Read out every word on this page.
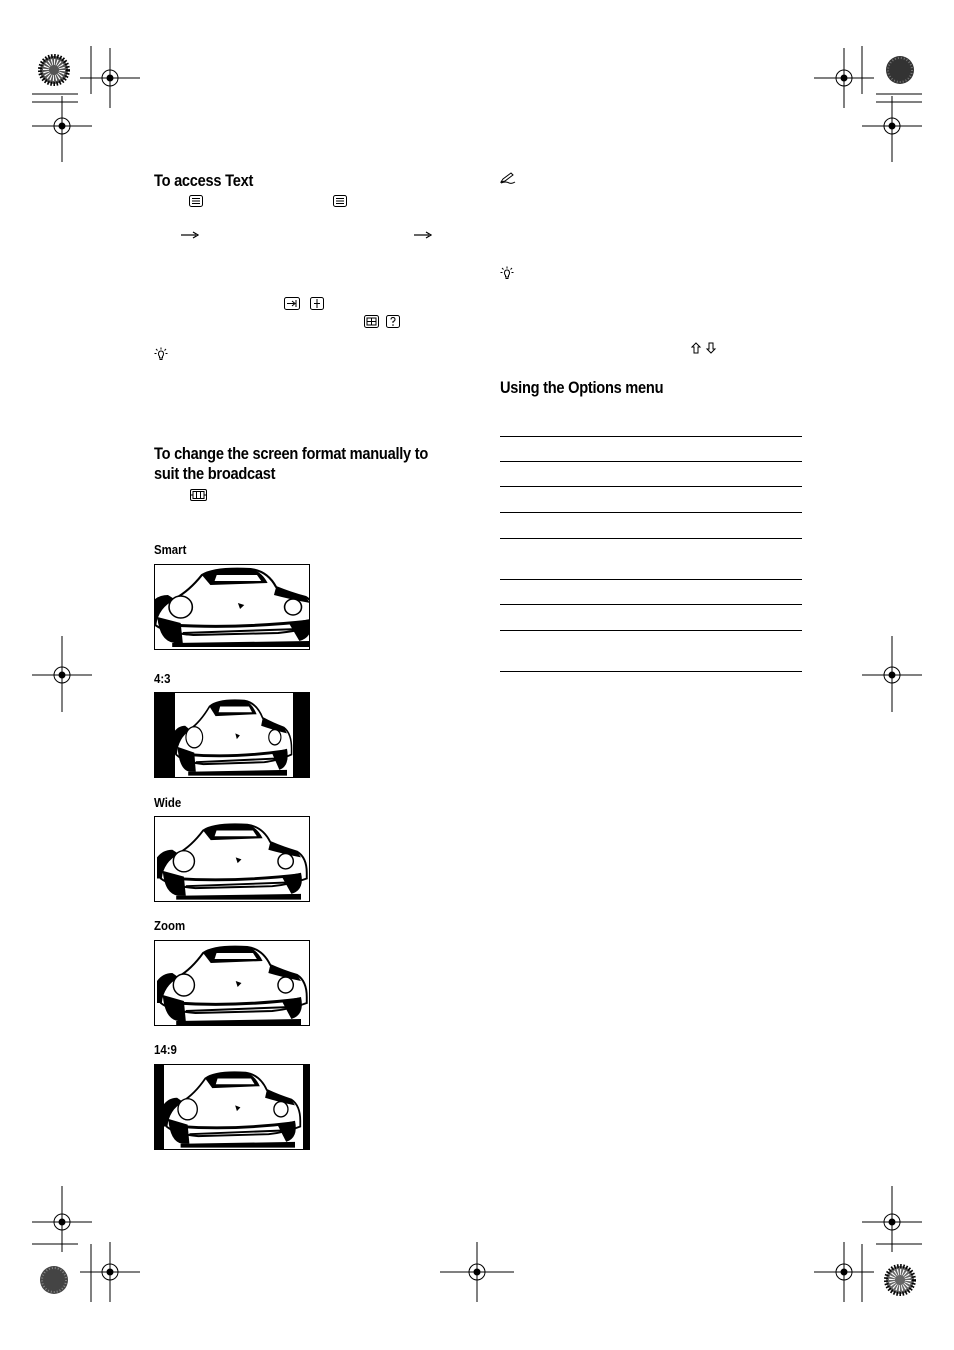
To access Text
To change the screen format manually to
suit the broadcast
Smart
4:3
Wide
Zoom
14:9
Using the Options menu
